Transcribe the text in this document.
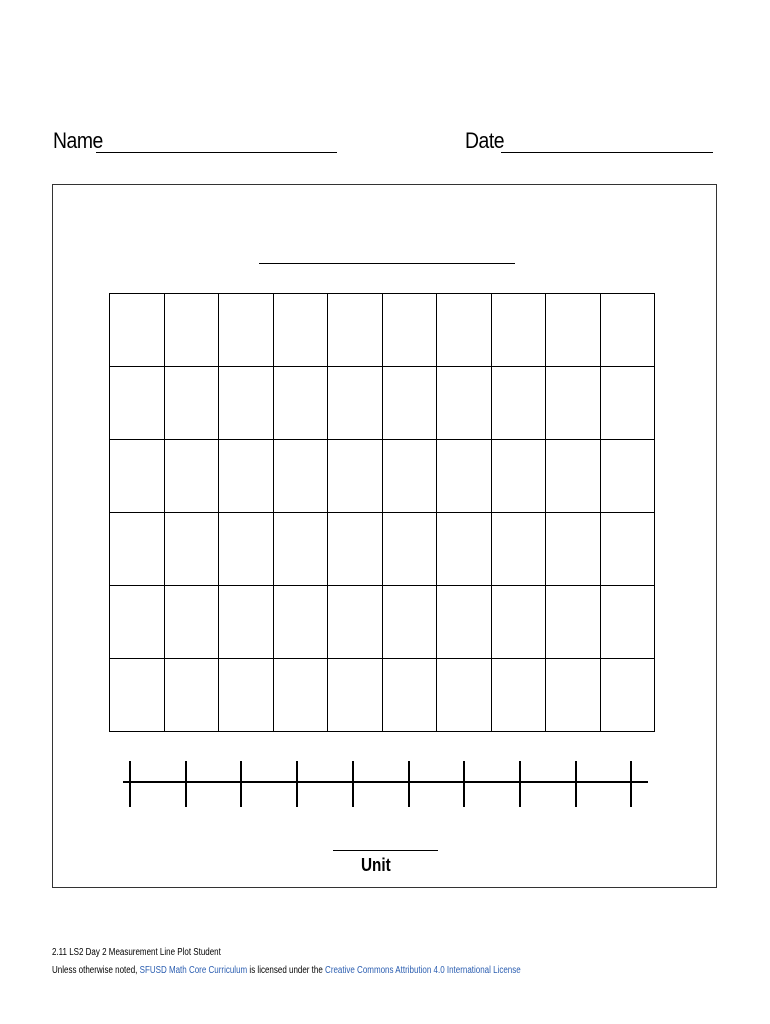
Name	Date

Unit
2.11 LS2 Day 2 Measurement Line Plot Student
Unless otherwise noted, SFUSD Math Core Curriculum is licensed under the Creative Commons Attribution 4.0 International License
